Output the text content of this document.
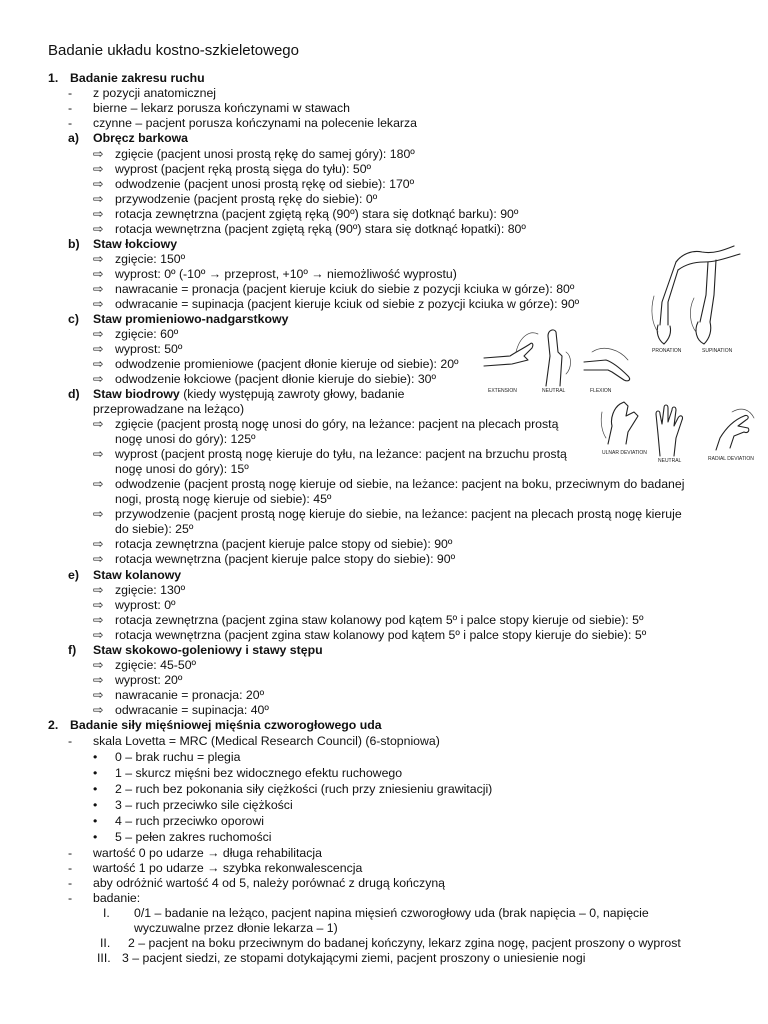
Badanie układu kostno-szkieletowego
1. Badanie zakresu ruchu
- z pozycji anatomicznej
- bierne – lekarz porusza kończynami w stawach
- czynne – pacjent porusza kończynami na polecenie lekarza
a) Obręcz barkowa
⇨ zgięcie (pacjent unosi prostą rękę do samej góry): 180º
⇨ wyprost (pacjent ręką prostą sięga do tyłu): 50º
⇨ odwodzenie (pacjent unosi prostą rękę od siebie): 170º
⇨ przywodzenie (pacjent prostą rękę do siebie): 0º
⇨ rotacja zewnętrzna (pacjent zgiętą ręką (90º) stara się dotknąć barku): 90º
⇨ rotacja wewnętrzna (pacjent zgiętą ręką (90º) stara się dotknąć łopatki): 80º
b) Staw łokciowy
⇨ zgięcie: 150º
⇨ wyprost: 0º (-10º → przeprost, +10º → niemożliwość wyprostu)
⇨ nawracanie = pronacja (pacjent kieruje kciuk do siebie z pozycji kciuka w górze): 80º
⇨ odwracanie = supinacja (pacjent kieruje kciuk od siebie z pozycji kciuka w górze): 90º
c) Staw promieniowo-nadgarstkowy
⇨ zgięcie: 60º
⇨ wyprost: 50º
⇨ odwodzenie promieniowe (pacjent dłonie kieruje od siebie): 20º
⇨ odwodzenie łokciowe (pacjent dłonie kieruje do siebie): 30º
d) Staw biodrowy (kiedy występują zawroty głowy, badanie
przeprowadzane na leżąco)
⇨ zgięcie (pacjent prostą nogę unosi do góry, na leżance: pacjent na plecach prostą
nogę unosi do góry): 125º
⇨ wyprost (pacjent prostą nogę kieruje do tyłu, na leżance: pacjent na brzuchu prostą
nogę unosi do góry): 15º
⇨ odwodzenie (pacjent prostą nogę kieruje od siebie, na leżance: pacjent na boku, przeciwnym do badanej
nogi, prostą nogę kieruje od siebie): 45º
⇨ przywodzenie (pacjent prostą nogę kieruje do siebie, na leżance: pacjent na plecach prostą nogę kieruje
do siebie): 25º
⇨ rotacja zewnętrzna (pacjent kieruje palce stopy od siebie): 90º
⇨ rotacja wewnętrzna (pacjent kieruje palce stopy do siebie): 90º
e) Staw kolanowy
⇨ zgięcie: 130º
⇨ wyprost: 0º
⇨ rotacja zewnętrzna (pacjent zgina staw kolanowy pod kątem 5º i palce stopy kieruje od siebie): 5º
⇨ rotacja wewnętrzna (pacjent zgina staw kolanowy pod kątem 5º i palce stopy kieruje do siebie): 5º
f) Staw skokowo-goleniowy i stawy stępu
⇨ zgięcie: 45-50º
⇨ wyprost: 20º
⇨ nawracanie = pronacja: 20º
⇨ odwracanie = supinacja: 40º
2. Badanie siły mięśniowej mięśnia czworogłowego uda
- skala Lovetta = MRC (Medical Research Council) (6-stopniowa)
• 0 – brak ruchu = plegia
• 1 – skurcz mięśni bez widocznego efektu ruchowego
• 2 – ruch bez pokonania siły ciężkości (ruch przy zniesieniu grawitacji)
• 3 – ruch przeciwko sile ciężkości
• 4 – ruch przeciwko oporowi
• 5 – pełen zakres ruchomości
- wartość 0 po udarze → długa rehabilitacja
- wartość 1 po udarze → szybka rekonwalescencja
- aby odróżnić wartość 4 od 5, należy porównać z drugą kończyną
- badanie:
I. 0/1 – badanie na leżąco, pacjent napina mięsień czworogłowy uda (brak napięcia – 0, napięcie
wyczuwalne przez dłonie lekarza – 1)
II. 2 – pacjent na boku przeciwnym do badanej kończyny, lekarz zgina nogę, pacjent proszony o wyprost
III. 3 – pacjent siedzi, ze stopami dotykającymi ziemi, pacjent proszony o uniesienie nogi
PRONATION	SUPINATION
EXTENSION	NEUTRAL	FLEXION
ULNAR DEVIATION
NEUTRAL	RADIAL DEVIATION
